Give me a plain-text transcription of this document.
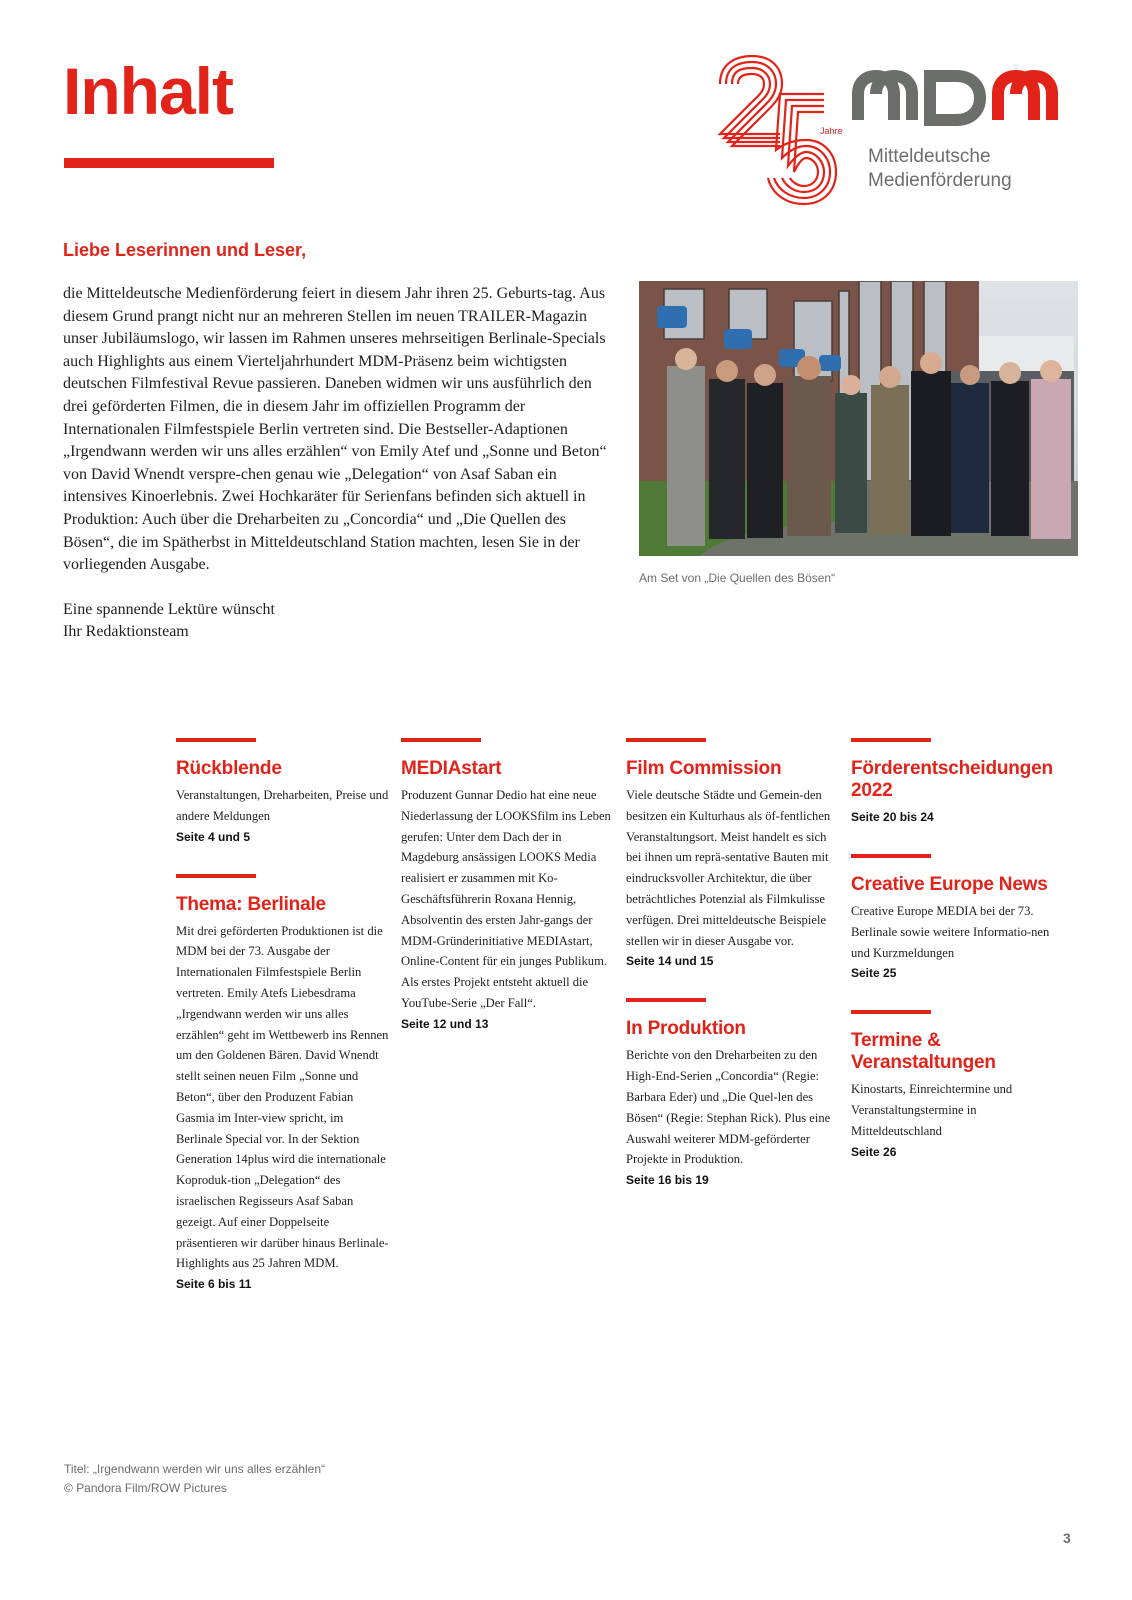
Inhalt
Jahre
Mitteldeutsche
Medienförderung
Liebe Leserinnen und Leser,

die Mitteldeutsche Medienförderung feiert in diesem Jahr ihren 25. Geburts-tag. Aus diesem Grund prangt nicht nur an mehreren Stellen im neuen TRAILER-Magazin unser Jubiläumslogo, wir lassen im Rahmen unseres mehrseitigen Berlinale-Specials auch Highlights aus einem Vierteljahrhundert MDM-Präsenz beim wichtigsten deutschen Filmfestival Revue passieren. Daneben widmen wir uns ausführlich den drei geförderten Filmen, die in diesem Jahr im offiziellen Programm der Internationalen Filmfestspiele Berlin vertreten sind. Die Bestseller-Adaptionen „Irgendwann werden wir uns alles erzählen“ von Emily Atef und „Sonne und Beton“ von David Wnendt verspre-chen genau wie „Delegation“ von Asaf Saban ein intensives Kinoerlebnis. Zwei Hochkaräter für Serienfans befinden sich aktuell in Produktion: Auch über die Dreharbeiten zu „Concordia“ und „Die Quellen des Bösen“, die im Spätherbst in Mitteldeutschland Station machten, lesen Sie in der vorliegenden Ausgabe.

Eine spannende Lektüre wünscht

Ihr Redaktionsteam

Am Set von „Die Quellen des Bösen“
Rückblende
Veranstaltungen, Dreharbeiten, Preise und andere Meldungen
Seite 4 und 5
Thema: Berlinale
Mit drei geförderten Produktionen ist die MDM bei der 73. Ausgabe der Internationalen Filmfestspiele Berlin vertreten. Emily Atefs Liebesdrama „Irgendwann werden wir uns alles erzählen“ geht im Wettbewerb ins Rennen um den Goldenen Bären. David Wnendt stellt seinen neuen Film „Sonne und Beton“, über den Produzent Fabian Gasmia im Inter-view spricht, im Berlinale Special vor. In der Sektion Generation 14plus wird die internationale Koproduk-tion „Delegation“ des israelischen Regisseurs Asaf Saban gezeigt. Auf einer Doppelseite präsentieren wir darüber hinaus Berlinale-Highlights aus 25 Jahren MDM.
Seite 6 bis 11
MEDIAstart
Produzent Gunnar Dedio hat eine neue Niederlassung der LOOKSfilm ins Leben gerufen: Unter dem Dach der in Magdeburg ansässigen LOOKS Media realisiert er zusammen mit Ko-Geschäftsführerin Roxana Hennig, Absolventin des ersten Jahr-gangs der MDM-Gründerinitiative MEDIAstart, Online-Content für ein junges Publikum. Als erstes Projekt entsteht aktuell die YouTube-Serie „Der Fall“.
Seite 12 und 13
Film Commission
Viele deutsche Städte und Gemein-den besitzen ein Kulturhaus als öf-fentlichen Veranstaltungsort. Meist handelt es sich bei ihnen um reprä-sentative Bauten mit eindrucksvoller Architektur, die über beträchtliches Potenzial als Filmkulisse verfügen. Drei mitteldeutsche Beispiele stellen wir in dieser Ausgabe vor.
Seite 14 und 15
In Produktion
Berichte von den Dreharbeiten zu den High-End-Serien „Concordia“ (Regie: Barbara Eder) und „Die Quel-len des Bösen“ (Regie: Stephan Rick). Plus eine Auswahl weiterer MDM-geförderter Projekte in Produktion.
Seite 16 bis 19
Förderentscheidungen 2022
Seite 20 bis 24
Creative Europe News
Creative Europe MEDIA bei der 73. Berlinale sowie weitere Informatio-nen und Kurzmeldungen
Seite 25
Termine & Veranstaltungen
Kinostarts, Einreichtermine und Veranstaltungstermine in Mitteldeutschland
Seite 26
Titel: „Irgendwann werden wir uns alles erzählen“
© Pandora Film/ROW Pictures
3
